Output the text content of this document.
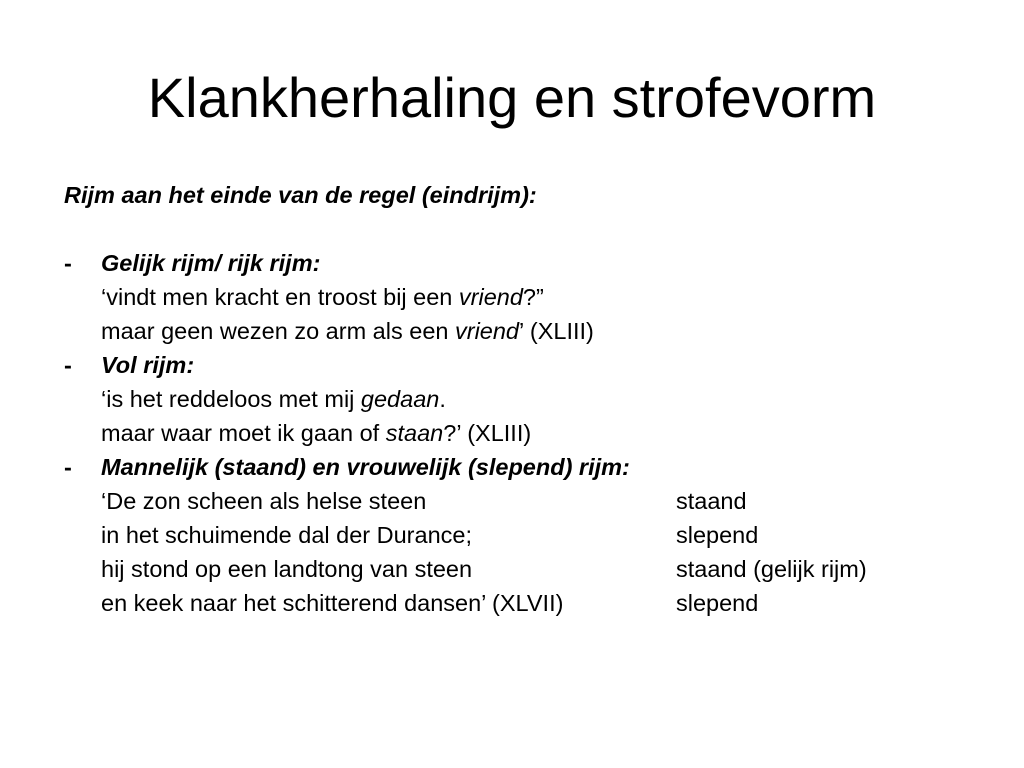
Klankherhaling en strofevorm
Rijm aan het einde van de regel (eindrijm):
- Gelijk rijm/ rijk rijm:
‘vindt men kracht en troost bij een vriend?”
maar geen wezen zo arm als een vriend’ (XLIII)
- Vol rijm:
‘is het reddeloos met mij gedaan.
maar waar moet ik gaan of staan?’ (XLIII)
- Mannelijk (staand) en vrouwelijk (slepend) rijm:
‘De zon scheen als helse steen	staand
in het schuimende dal der Durance;	slepend
hij stond op een landtong van steen	staand (gelijk rijm)
en keek naar het schitterend dansen’ (XLVII)	slepend
